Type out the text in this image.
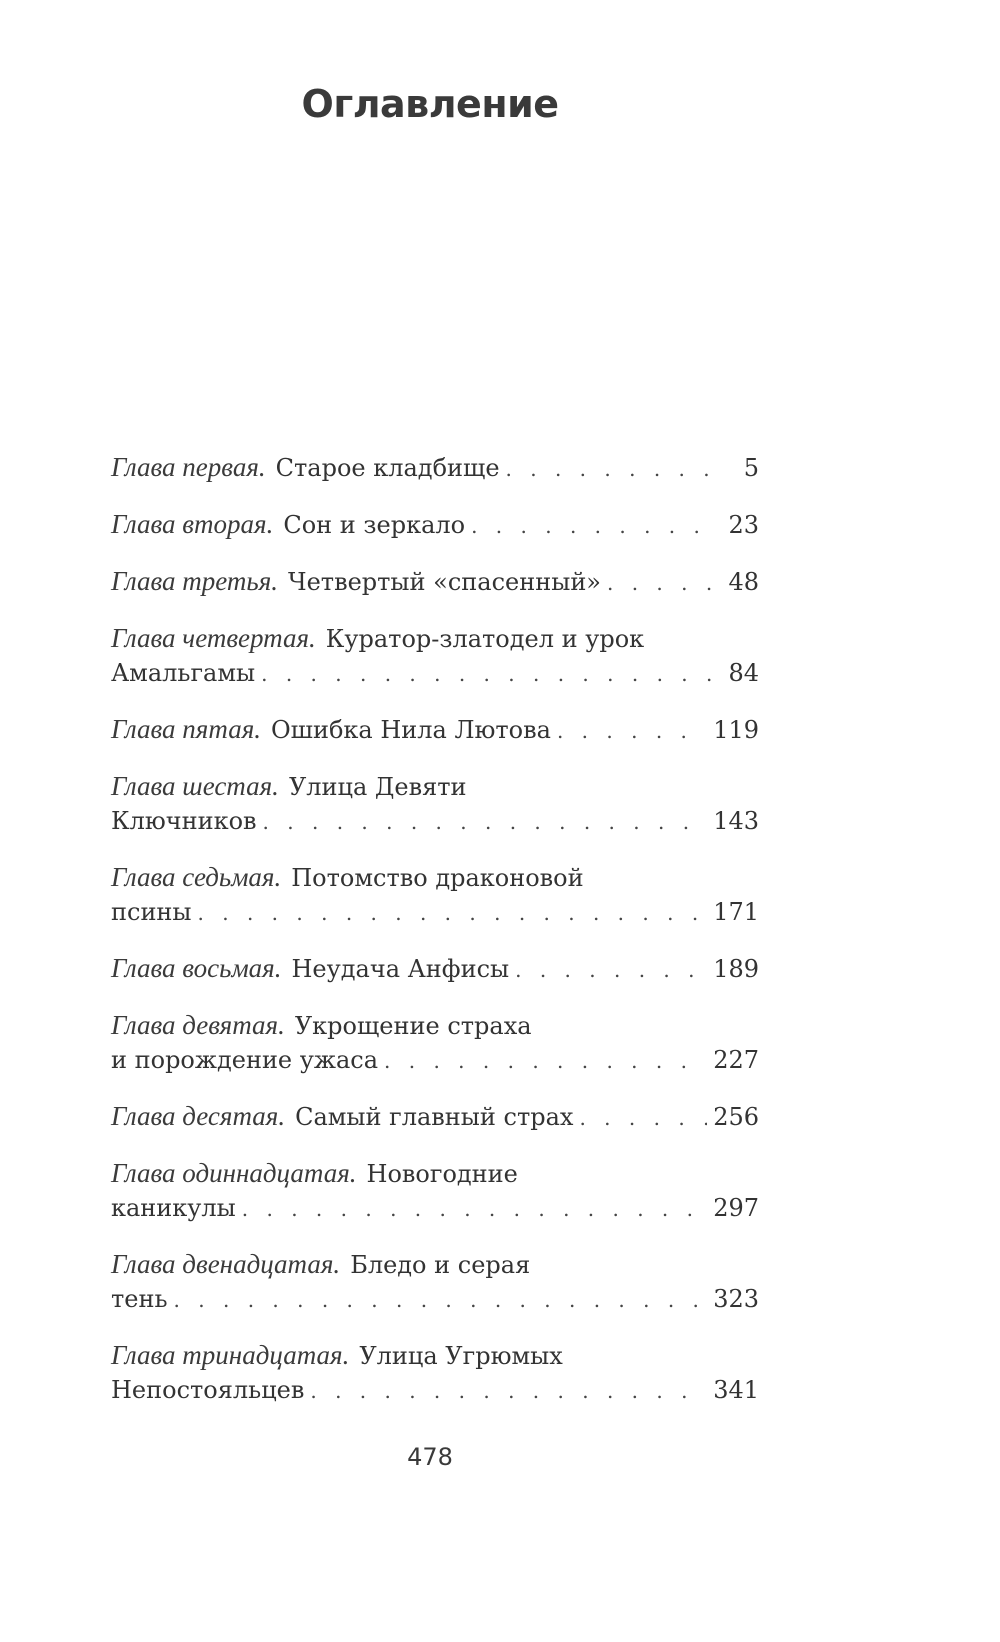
Оглавление
Глава первая. Старое кладбище . . .	5
Глава вторая. Сон и зеркало . . .	23
Глава третья. Четвертый «спасенный» . . .	48
Глава четвертая. Куратор-златодел и урок
Амальгамы . . .	84
Глава пятая. Ошибка Нила Лютова . . .	119
Глава шестая. Улица Девяти
Ключников . . .	143
Глава седьмая. Потомство драконовой
псины . . .	171
Глава восьмая. Неудача Анфисы . . .	189
Глава девятая. Укрощение страха
и порождение ужаса . . .	227
Глава десятая. Самый главный страх . . .	256
Глава одиннадцатая. Новогодние
каникулы . . .	297
Глава двенадцатая. Бледо и серая
тень . . .	323
Глава тринадцатая. Улица Угрюмых
Непостояльцев . . .	341
478
